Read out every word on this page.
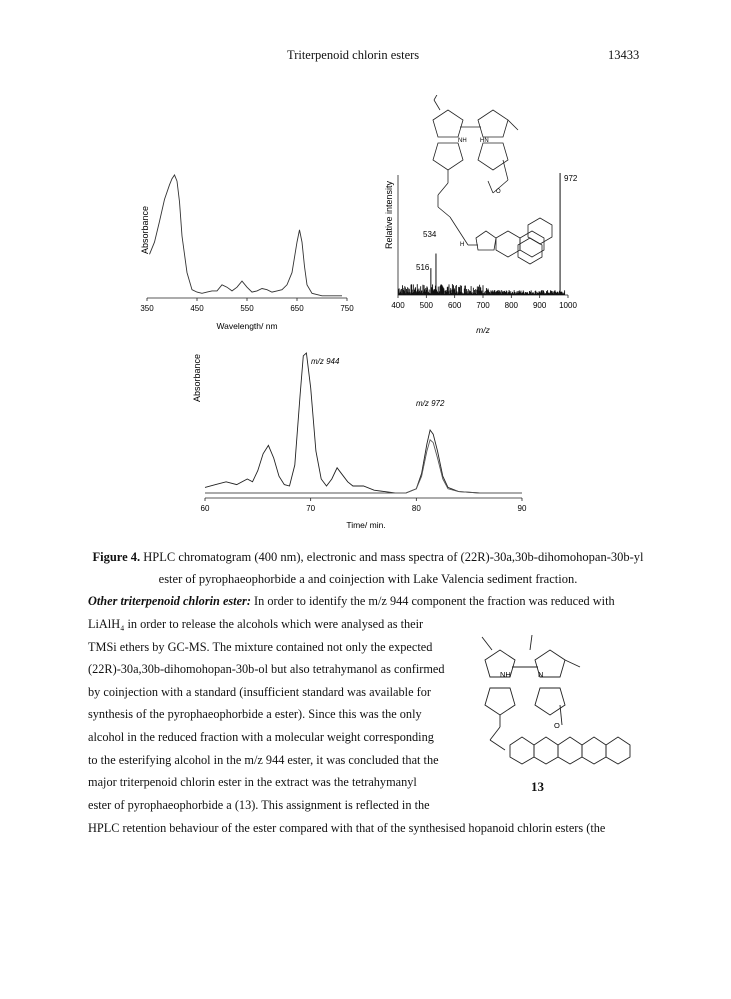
Triterpenoid chlorin esters	13433
Absorbance
350	450	550	650	750
Wavelength/ nm
NH HN
O
H
Relative intensity
972
534
516
400 500 600 700 800 900 1000
m/z
Absorbance
60	70	80	90
m/z 944
m/z 972
Time/ min.
Figure 4. HPLC chromatogram (400 nm), electronic and mass spectra of (22R)-30a,30b-dihomohopan-30b-yl ester of pyrophaeophorbide a and coinjection with Lake Valencia sediment fraction.
Other triterpenoid chlorin ester: In order to identify the m/z 944 component the fraction was reduced with
LiAlH₄ in order to release the alcohols which were analysed as their
TMSi ethers by GC-MS. The mixture contained not only the expected
(22R)-30a,30b-dihomohopan-30b-ol but also tetrahymanol as confirmed
by coinjection with a standard (insufficient standard was available for
synthesis of the pyrophaeophorbide a ester). Since this was the only
alcohol in the reduced fraction with a molecular weight corresponding
to the esterifying alcohol in the m/z 944 ester, it was concluded that the
major triterpenoid chlorin ester in the extract was the tetrahymanyl
ester of pyrophaeophorbide a (13). This assignment is reflected in the
HPLC retention behaviour of the ester compared with that of the synthesised hopanoid chlorin esters (the
NH	N
O
13
